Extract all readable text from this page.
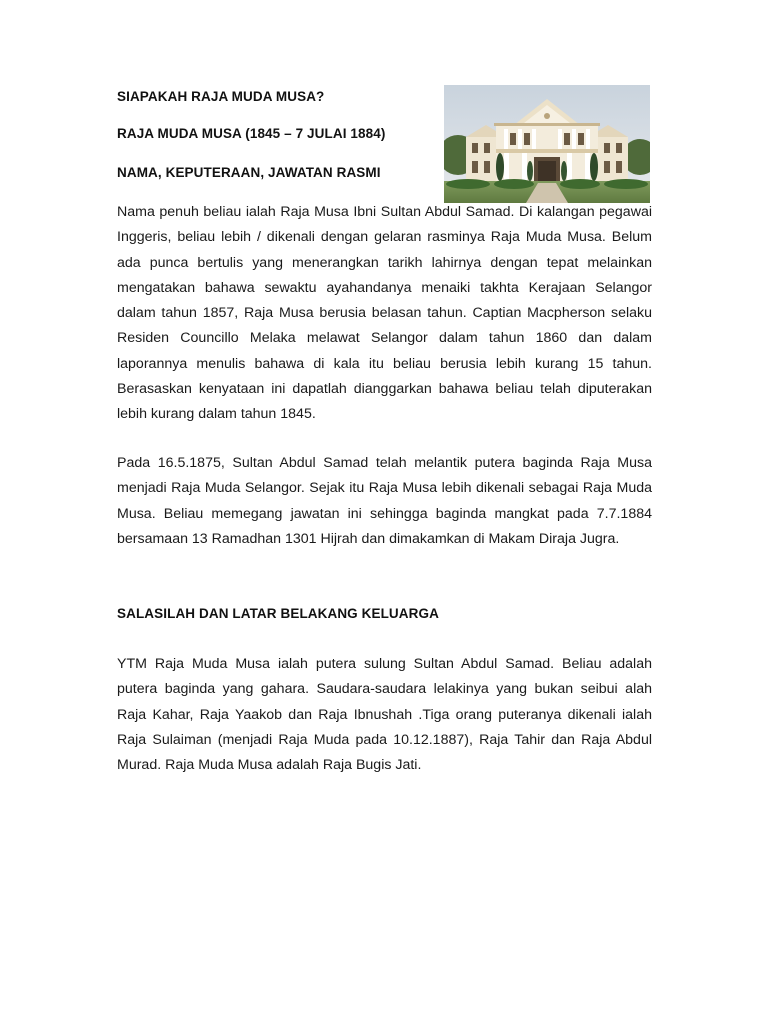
SIAPAKAH RAJA MUDA MUSA?
RAJA MUDA MUSA (1845 – 7 JULAI 1884)
NAMA, KEPUTERAAN, JAWATAN RASMI

Nama penuh beliau ialah Raja Musa Ibni Sultan Abdul Samad. Di kalangan pegawai Inggeris, beliau lebih / dikenali dengan gelaran rasminya Raja Muda Musa. Belum ada punca bertulis yang menerangkan tarikh lahirnya dengan tepat melainkan mengatakan bahawa sewaktu ayahandanya menaiki takhta Kerajaan Selangor dalam tahun 1857, Raja Musa berusia belasan tahun. Captian Macpherson selaku Residen Councillo Melaka melawat Selangor dalam tahun 1860 dan dalam laporannya menulis bahawa di kala itu beliau berusia lebih kurang 15 tahun. Berasaskan kenyataan ini dapatlah dianggarkan bahawa beliau telah diputerakan lebih kurang dalam tahun 1845.

Pada 16.5.1875, Sultan Abdul Samad telah melantik putera baginda Raja Musa menjadi Raja Muda Selangor. Sejak itu Raja Musa lebih dikenali sebagai Raja Muda Musa. Beliau memegang jawatan ini sehingga baginda mangkat pada 7.7.1884 bersamaan 13 Ramadhan 1301 Hijrah dan dimakamkan di Makam Diraja Jugra.

SALASILAH DAN LATAR BELAKANG KELUARGA

YTM Raja Muda Musa ialah putera sulung Sultan Abdul Samad. Beliau adalah putera baginda yang gahara. Saudara-saudara lelakinya yang bukan seibui alah Raja Kahar, Raja Yaakob dan Raja Ibnushah .Tiga orang puteranya dikenali ialah Raja Sulaiman (menjadi Raja Muda pada 10.12.1887), Raja Tahir dan Raja Abdul Murad. Raja Muda Musa adalah Raja Bugis Jati.
